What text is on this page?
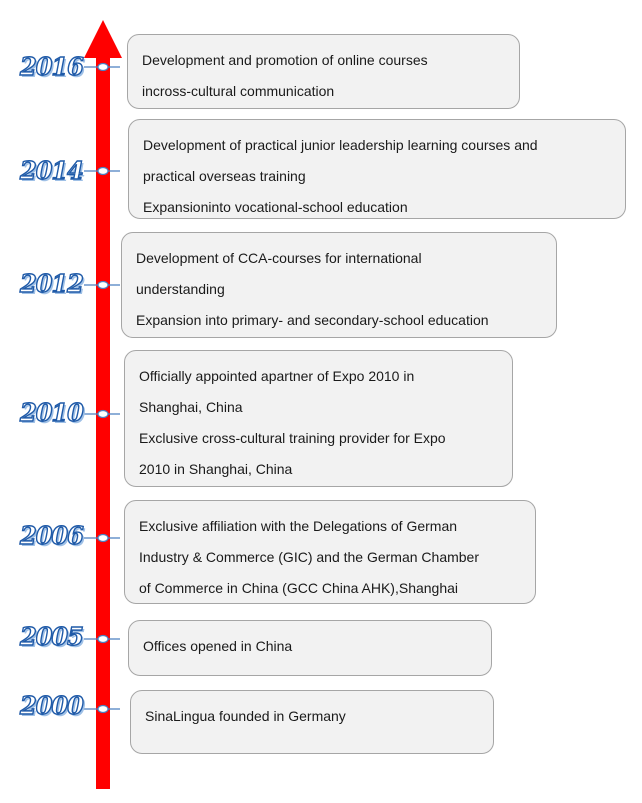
2016
2014
2012
2010
2006
2005
2000
Development and promotion of online courses
incross-cultural communication
Development of practical junior leadership learning courses and
practical overseas training
Expansioninto vocational-school education
Development of CCA-courses for international
understanding
Expansion into primary- and secondary-school education
Officially appointed apartner of Expo 2010 in
Shanghai, China
Exclusive cross-cultural training provider for Expo
2010 in Shanghai, China
Exclusive affiliation with the Delegations of German
Industry & Commerce (GIC) and the German Chamber
of Commerce in China (GCC China AHK),Shanghai
Offices opened in China
SinaLingua founded in Germany
